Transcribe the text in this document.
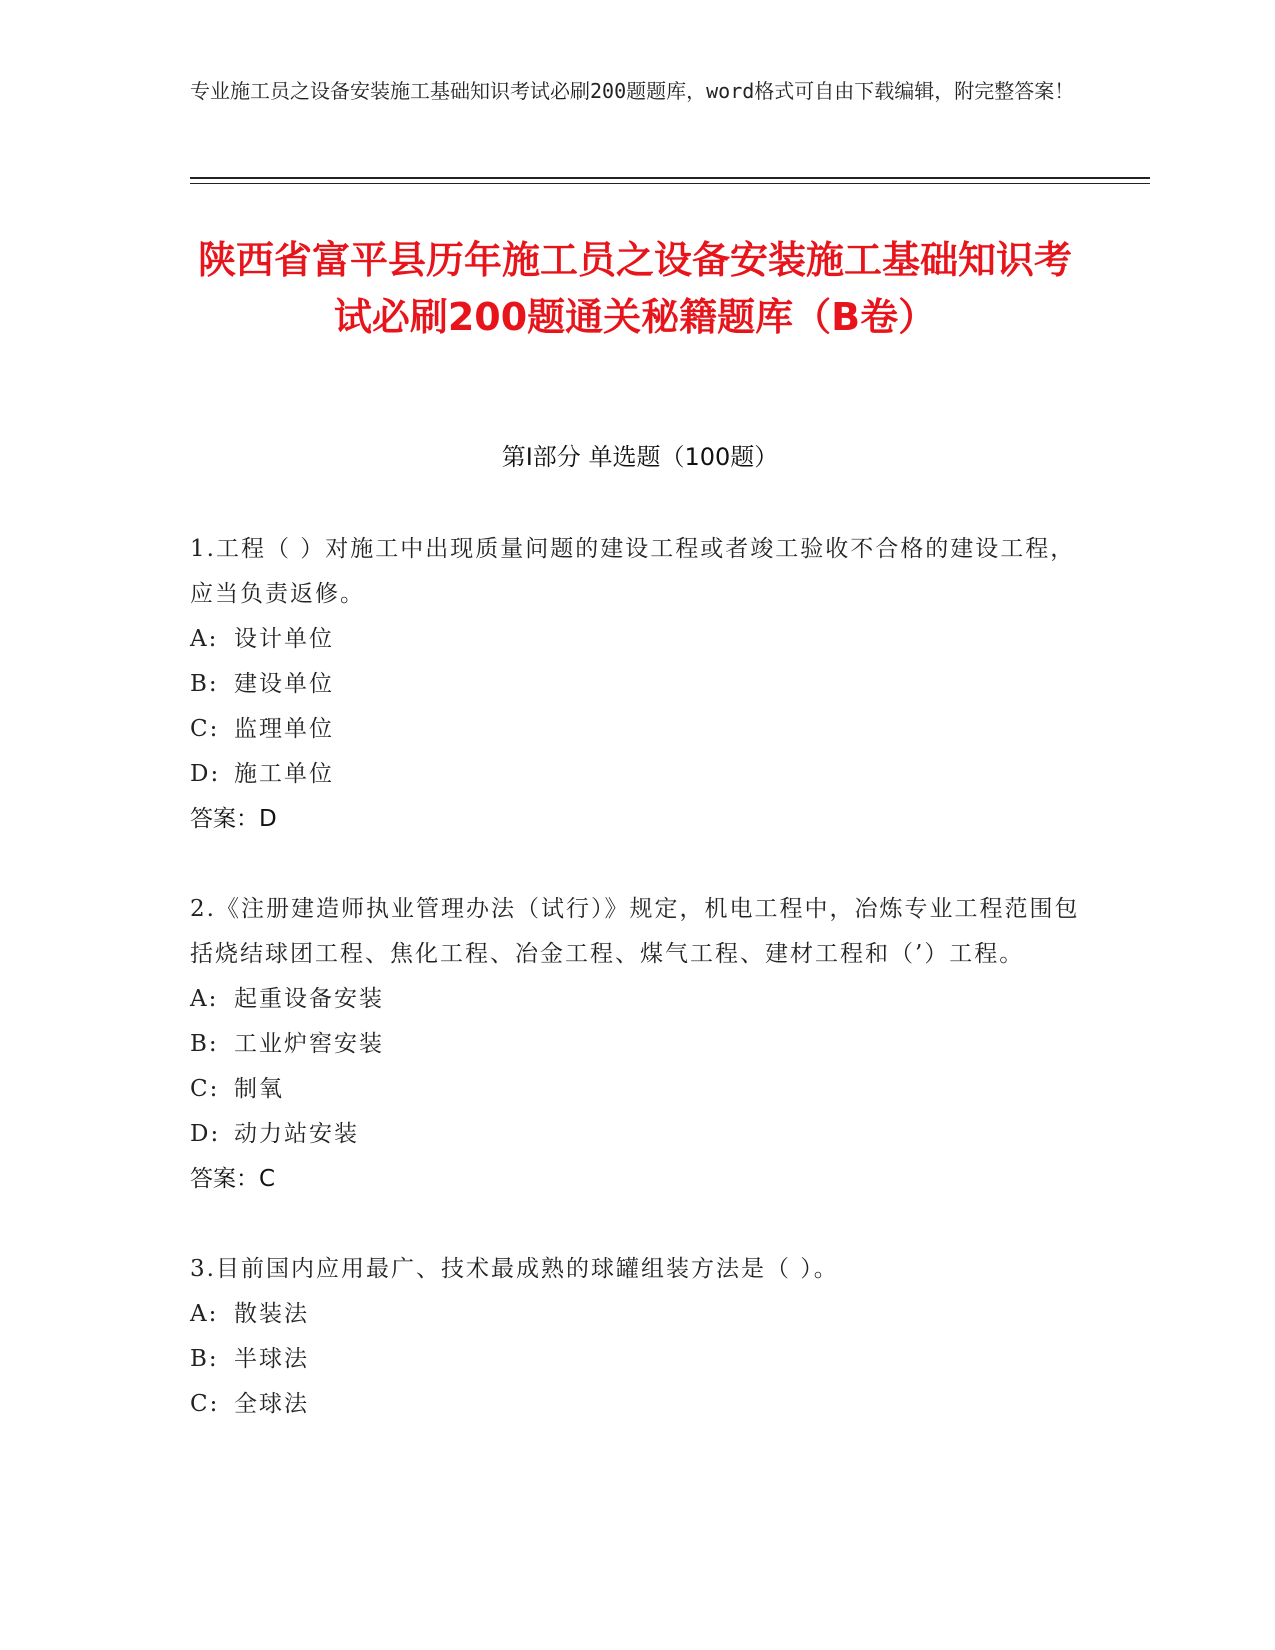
专业施工员之设备安装施工基础知识考试必刷200题题库，word格式可自由下载编辑，附完整答案！
陕西省富平县历年施工员之设备安装施工基础知识考试必刷200题通关秘籍题库（B卷）
第I部分 单选题（100题）
1.工程（ ）对施工中出现质量问题的建设工程或者竣工验收不合格的建设工程，应当负责返修。
A: 设计单位
B: 建设单位
C: 监理单位
D: 施工单位
答案：D
2.《注册建造师执业管理办法（试行）》规定，机电工程中，冶炼专业工程范围包括烧结球团工程、焦化工程、冶金工程、煤气工程、建材工程和（’）工程。
A: 起重设备安装
B: 工业炉窖安装
C: 制氧
D: 动力站安装
答案：C
3.目前国内应用最广、技术最成熟的球罐组装方法是（ ）。
A: 散装法
B: 半球法
C: 全球法
